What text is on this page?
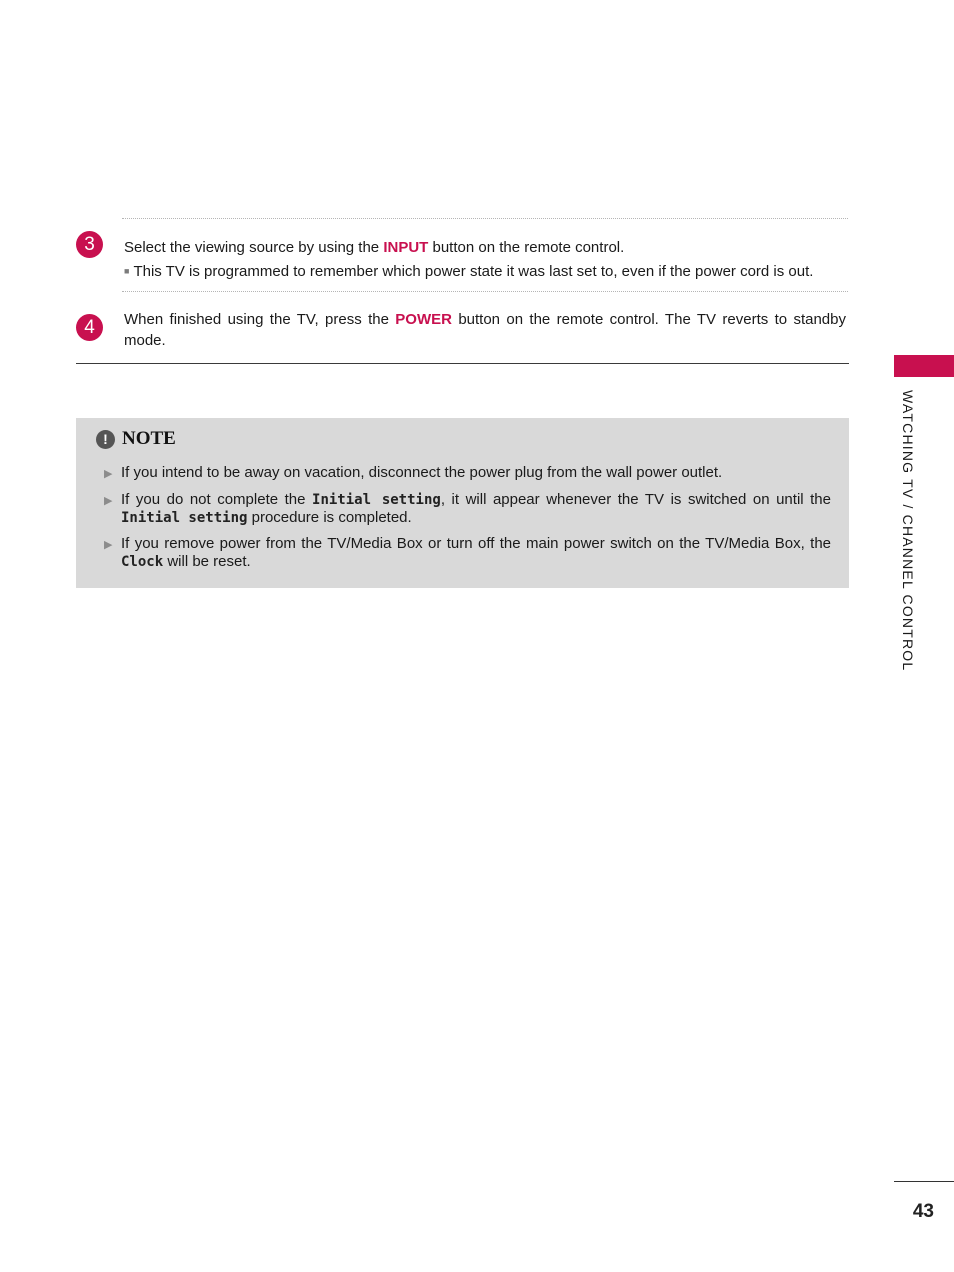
3	Select the viewing source by using the INPUT button on the remote control.
■ This TV is programmed to remember which power state it was last set to, even if the power cord is out.
4	When finished using the TV, press the POWER button on the remote control. The TV reverts to standby mode.
! NOTE
▶ If you intend to be away on vacation, disconnect the power plug from the wall power outlet.
▶ If you do not complete the Initial setting, it will appear whenever the TV is switched on until the Initial setting procedure is completed.
▶ If you remove power from the TV/Media Box or turn off the main power switch on the TV/Media Box, the Clock will be reset.	WATCHING TV / CHANNEL CONTROL
43
